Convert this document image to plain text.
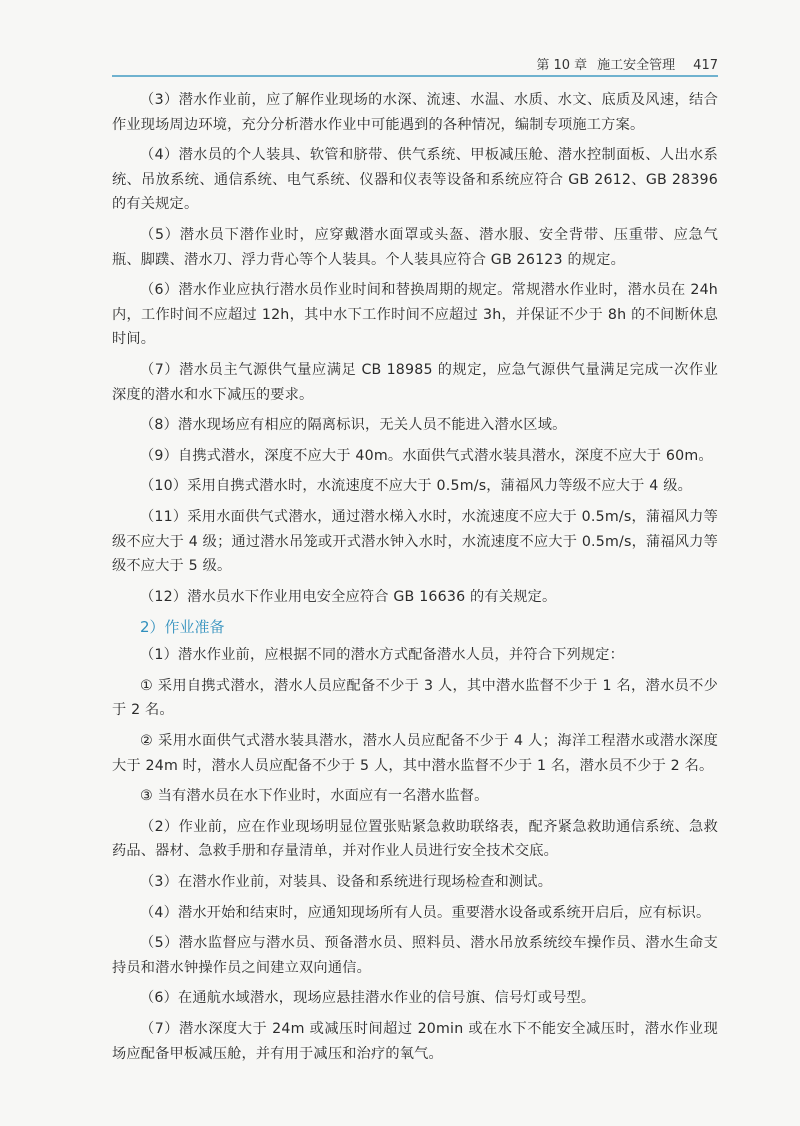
第 10 章 施工安全管理 417

（3）潜水作业前，应了解作业现场的水深、流速、水温、水质、水文、底质及风速，结合作业现场周边环境，充分分析潜水作业中可能遇到的各种情况，编制专项施工方案。

（4）潜水员的个人装具、软管和脐带、供气系统、甲板减压舱、潜水控制面板、人出水系统、吊放系统、通信系统、电气系统、仪器和仪表等设备和系统应符合 GB 2612、GB 28396 的有关规定。

（5）潜水员下潜作业时，应穿戴潜水面罩或头盔、潜水服、安全背带、压重带、应急气瓶、脚蹼、潜水刀、浮力背心等个人装具。个人装具应符合 GB 26123 的规定。

（6）潜水作业应执行潜水员作业时间和替换周期的规定。常规潜水作业时，潜水员在 24h 内，工作时间不应超过 12h，其中水下工作时间不应超过 3h，并保证不少于 8h 的不间断休息时间。

（7）潜水员主气源供气量应满足 CB 18985 的规定，应急气源供气量满足完成一次作业深度的潜水和水下减压的要求。

（8）潜水现场应有相应的隔离标识，无关人员不能进入潜水区域。

（9）自携式潜水，深度不应大于 40m。水面供气式潜水装具潜水，深度不应大于 60m。

（10）采用自携式潜水时，水流速度不应大于 0.5m/s，蒲福风力等级不应大于 4 级。

（11）采用水面供气式潜水，通过潜水梯入水时，水流速度不应大于 0.5m/s，蒲福风力等级不应大于 4 级；通过潜水吊笼或开式潜水钟入水时，水流速度不应大于 0.5m/s，蒲福风力等级不应大于 5 级。

（12）潜水员水下作业用电安全应符合 GB 16636 的有关规定。

2）作业准备

（1）潜水作业前，应根据不同的潜水方式配备潜水人员，并符合下列规定：

① 采用自携式潜水，潜水人员应配备不少于 3 人，其中潜水监督不少于 1 名，潜水员不少于 2 名。

② 采用水面供气式潜水装具潜水，潜水人员应配备不少于 4 人；海洋工程潜水或潜水深度大于 24m 时，潜水人员应配备不少于 5 人，其中潜水监督不少于 1 名，潜水员不少于 2 名。

③ 当有潜水员在水下作业时，水面应有一名潜水监督。

（2）作业前，应在作业现场明显位置张贴紧急救助联络表，配齐紧急救助通信系统、急救药品、器材、急救手册和存量清单，并对作业人员进行安全技术交底。

（3）在潜水作业前，对装具、设备和系统进行现场检查和测试。

（4）潜水开始和结束时，应通知现场所有人员。重要潜水设备或系统开启后，应有标识。

（5）潜水监督应与潜水员、预备潜水员、照料员、潜水吊放系统绞车操作员、潜水生命支持员和潜水钟操作员之间建立双向通信。

（6）在通航水域潜水，现场应悬挂潜水作业的信号旗、信号灯或号型。

（7）潜水深度大于 24m 或减压时间超过 20min 或在水下不能安全减压时，潜水作业现场应配备甲板减压舱，并有用于减压和治疗的氧气。
